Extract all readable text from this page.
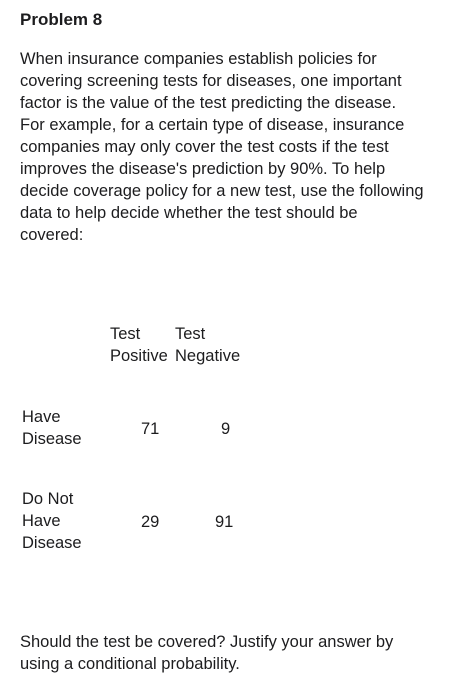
Problem 8
When insurance companies establish policies for
covering screening tests for diseases, one important
factor is the value of the test predicting the disease.
For example, for a certain type of disease, insurance
companies may only cover the test costs if the test
improves the disease's prediction by 90%. To help
decide coverage policy for a new test, use the following
data to help decide whether the test should be
covered:
Test
Positive
Test
Negative
Have
Disease
71	9
Do Not
Have
Disease
29	91
Should the test be covered? Justify your answer by
using a conditional probability.
